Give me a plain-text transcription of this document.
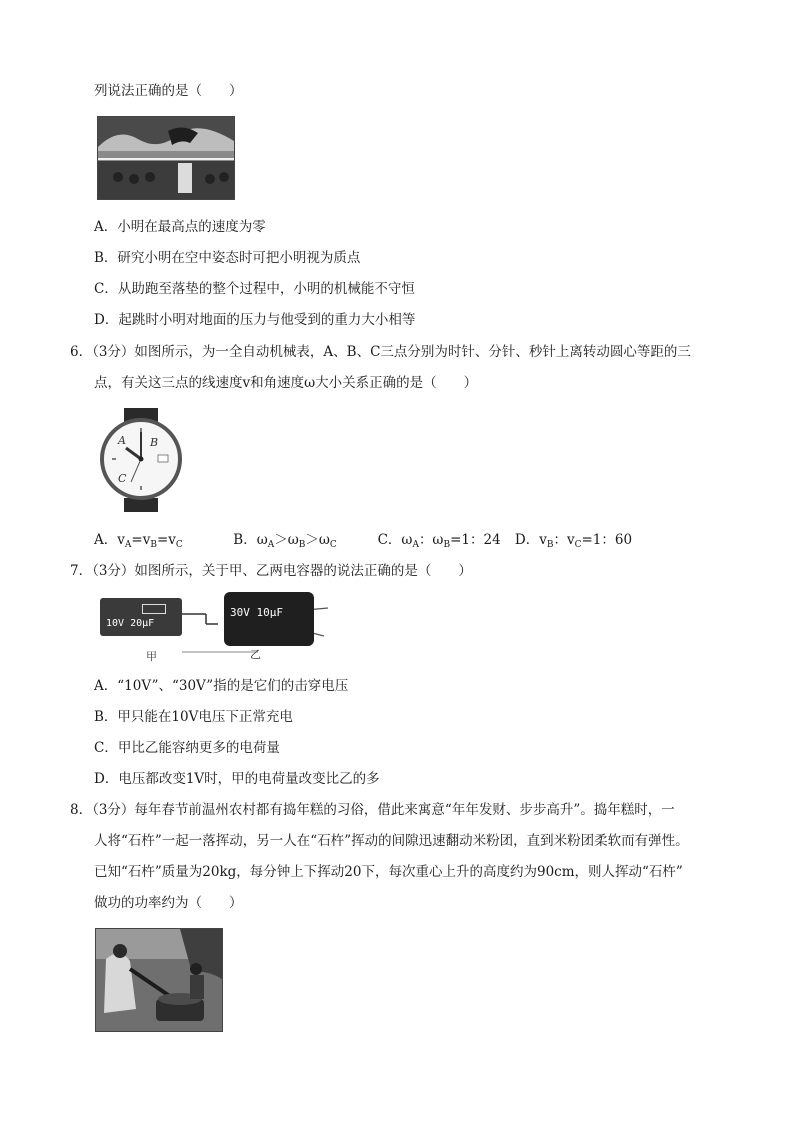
列说法正确的是（　　）
A．小明在最高点的速度为零
B．研究小明在空中姿态时可把小明视为质点
C．从助跑至落垫的整个过程中，小明的机械能不守恒
D．起跳时小明对地面的压力与他受到的重力大小相等
6．（3分）如图所示，为一全自动机械表，A、B、C三点分别为时针、分针、秒针上离转动圆心等距的三
点，有关这三点的线速度v和角速度ω大小关系正确的是（　　）
A B
C
A．$v_A=v_B=v_C$	B．$\omega_A>\omega_B>\omega_C$	C．$\omega_A$：$\omega_B=1$：24 D．$v_B$：$v_C=1$：60
7．（3分）如图所示，关于甲、乙两电容器的说法正确的是（　　）
10V 20μF
30V 10μF
甲	乙
A．“10V”、“30V”指的是它们的击穿电压
B．甲只能在10V电压下正常充电
C．甲比乙能容纳更多的电荷量
D．电压都改变1V时，甲的电荷量改变比乙的多
8．（3分）每年春节前温州农村都有捣年糕的习俗，借此来寓意“年年发财、步步高升”。捣年糕时，一
人将“石杵”一起一落挥动，另一人在“石杵”挥动的间隙迅速翻动米粉团，直到米粉团柔软而有弹性。
已知“石杵”质量为20kg，每分钟上下挥动20下，每次重心上升的高度约为90cm，则人挥动“石杵”
做功的功率约为（　　）
